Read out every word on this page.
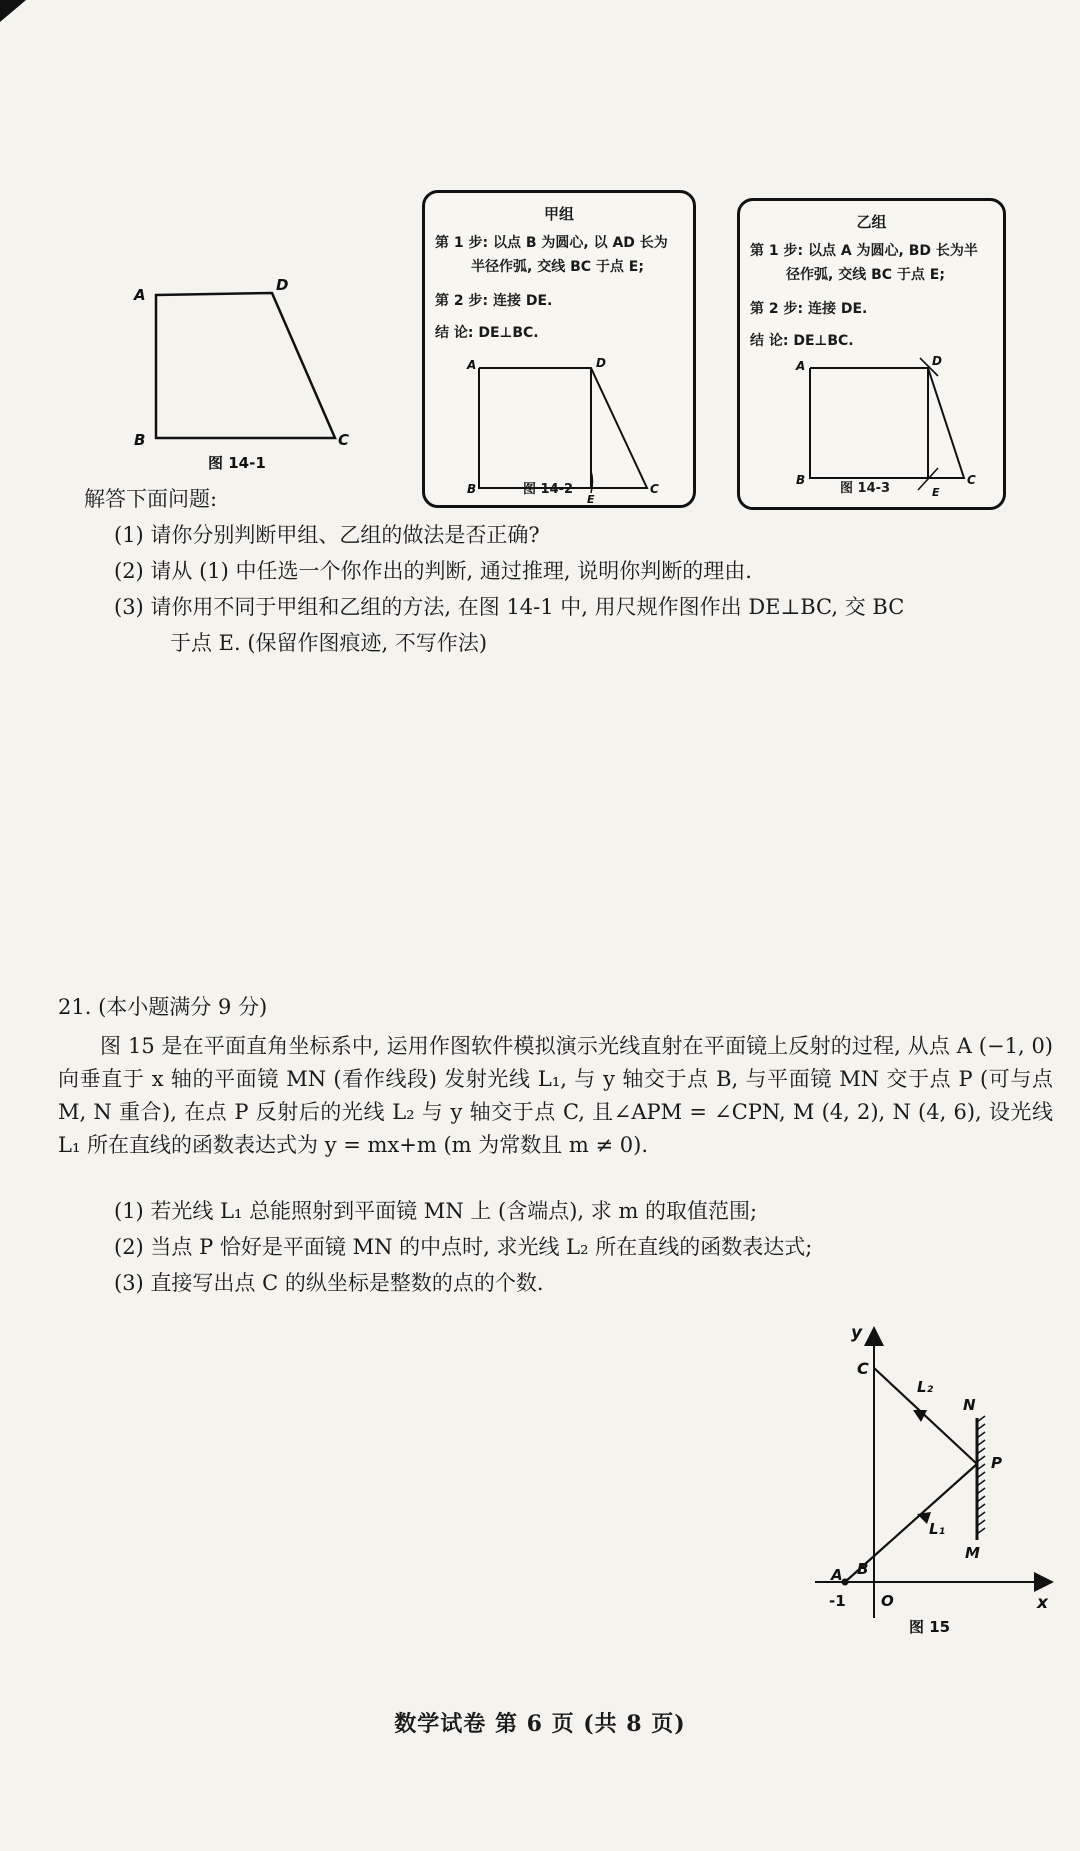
A
D
B	C
图 14-1
甲组
第 1 步: 以点 B 为圆心, 以 AD 长为
半径作弧, 交线 BC 于点 E;
第 2 步: 连接 DE.
结 论: DE⊥BC.
A	D
B
E
C
图 14-2
乙组
第 1 步: 以点 A 为圆心, BD 长为半
径作弧, 交线 BC 于点 E;
第 2 步: 连接 DE.
结 论: DE⊥BC.
A	D
B
E
C
图 14-3
解答下面问题:
(1) 请你分别判断甲组、乙组的做法是否正确?
(2) 请从 (1) 中任选一个你作出的判断, 通过推理, 说明你判断的理由.
(3) 请你用不同于甲组和乙组的方法, 在图 14-1 中, 用尺规作图作出 DE⊥BC, 交 BC
于点 E. (保留作图痕迹, 不写作法)
21. (本小题满分 9 分)
图 15 是在平面直角坐标系中, 运用作图软件模拟演示光线直射在平面镜上反射的过程, 从点 A (−1, 0) 向垂直于 x 轴的平面镜 MN (看作线段) 发射光线 L₁, 与 y 轴交于点 B, 与平面镜 MN 交于点 P (可与点 M, N 重合), 在点 P 反射后的光线 L₂ 与 y 轴交于点 C, 且∠APM = ∠CPN, M (4, 2), N (4, 6), 设光线 L₁ 所在直线的函数表达式为 y = mx+m (m 为常数且 m ≠ 0).
(1) 若光线 L₁ 总能照射到平面镜 MN 上 (含端点), 求 m 的取值范围;
(2) 当点 P 恰好是平面镜 MN 的中点时, 求光线 L₂ 所在直线的函数表达式;
(3) 直接写出点 C 的纵坐标是整数的点的个数.
y
x
C
L₂
N
P
L₁
M
B
A
-1 O
图 15
数学试卷 第 6 页 (共 8 页)
